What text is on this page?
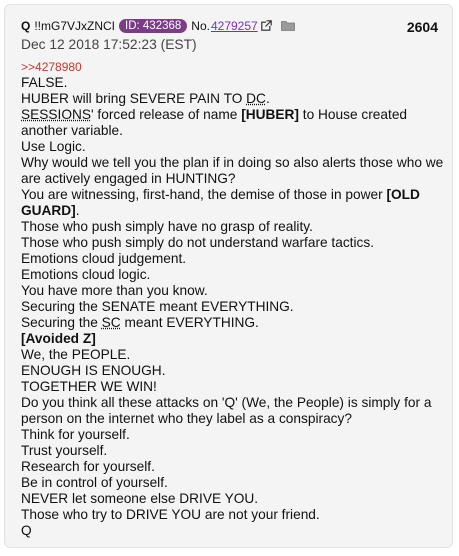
Q !!mG7VJxZNCI ID: 432368 No. 4279257	2604
Dec 12 2018 17:52:23 (EST)
>>4278980
FALSE.
HUBER will bring SEVERE PAIN TO DC.
SESSIONS' forced release of name [HUBER] to House created another variable.
Use Logic.
Why would we tell you the plan if in doing so also alerts those who we are actively engaged in HUNTING?
You are witnessing, first-hand, the demise of those in power [OLD GUARD].
Those who push simply have no grasp of reality.
Those who push simply do not understand warfare tactics.
Emotions cloud judgement.
Emotions cloud logic.
You have more than you know.
Securing the SENATE meant EVERYTHING.
Securing the SC meant EVERYTHING.
[Avoided Z]
We, the PEOPLE.
ENOUGH IS ENOUGH.
TOGETHER WE WIN!
Do you think all these attacks on 'Q' (We, the People) is simply for a person on the internet who they label as a conspiracy?
Think for yourself.
Trust yourself.
Research for yourself.
Be in control of yourself.
NEVER let someone else DRIVE YOU.
Those who try to DRIVE YOU are not your friend.
Q
